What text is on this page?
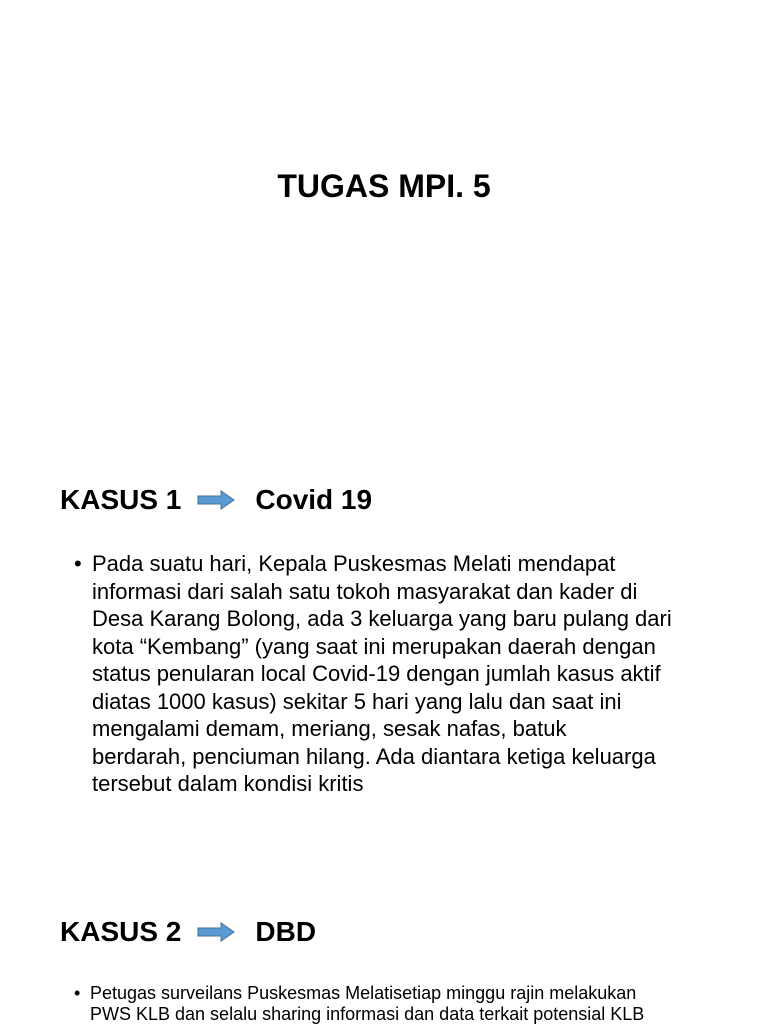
TUGAS MPI. 5
KASUS 1	Covid 19
• Pada suatu hari, Kepala Puskesmas Melati mendapat
informasi dari salah satu tokoh masyarakat dan kader di
Desa Karang Bolong, ada 3 keluarga yang baru pulang dari
kota “Kembang” (yang saat ini merupakan daerah dengan
status penularan local Covid-19 dengan jumlah kasus aktif
diatas 1000 kasus) sekitar 5 hari yang lalu dan saat ini
mengalami demam, meriang, sesak nafas, batuk
berdarah, penciuman hilang. Ada diantara ketiga keluarga
tersebut dalam kondisi kritis
KASUS 2	DBD
• Petugas surveilans Puskesmas Melatisetiap minggu rajin melakukan
PWS KLB dan selalu sharing informasi dan data terkait potensial KLB
